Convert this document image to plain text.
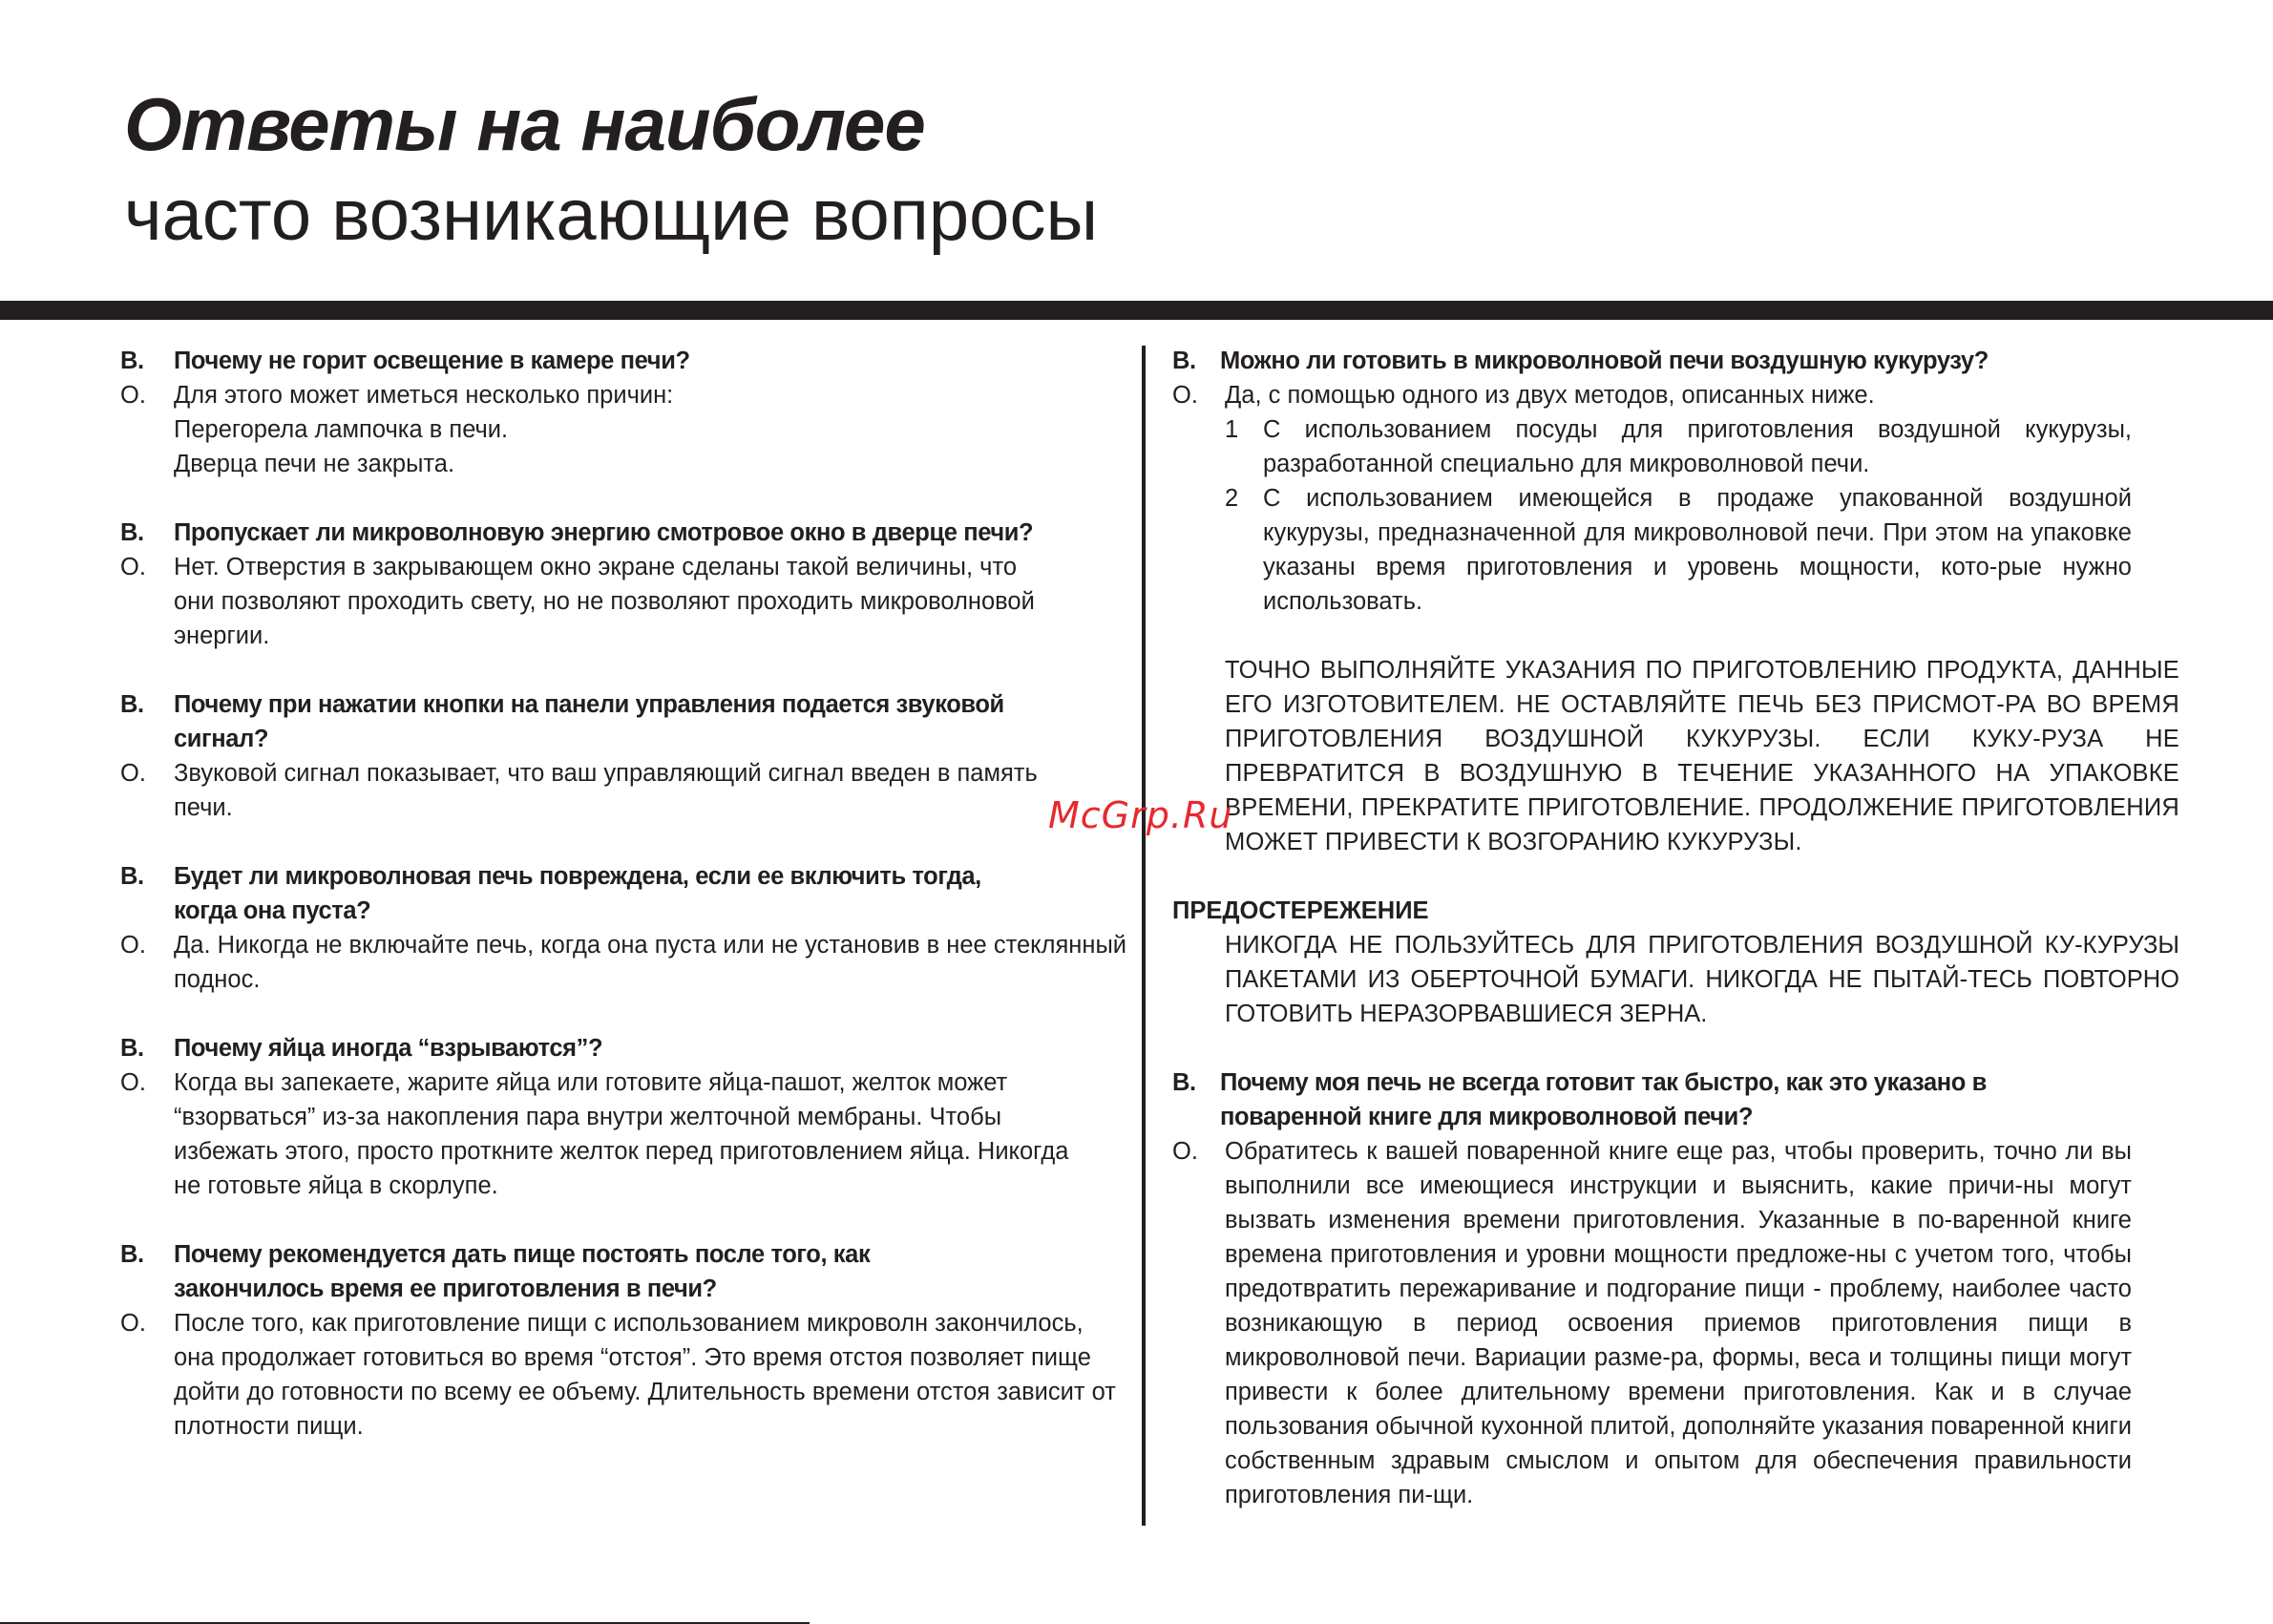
Ответы на наиболее
часто возникающие вопросы
В. Почему не горит освещение в камере печи?
О. Для этого может иметься несколько причин:
Перегорела лампочка в печи.
Дверца печи не закрыта.
В. Пропускает ли микроволновую энергию смотровое окно в дверце печи?
О. Нет. Отверстия в закрывающем окно экране сделаны такой величины, что они позволяют проходить свету, но не позволяют проходить микроволновой энергии.
В. Почему при нажатии кнопки на панели управления подается звуковой сигнал?
О. Звуковой сигнал показывает, что ваш управляющий сигнал введен в память печи.
В. Будет ли микроволновая печь повреждена, если ее включить тогда, когда она пуста?
О. Да. Никогда не включайте печь, когда она пуста или не установив в нее стеклянный поднос.
В. Почему яйца иногда “взрываются”?
О. Когда вы запекаете, жарите яйца или готовите яйца-пашот, желток может “взорваться” из-за накопления пара внутри желточной мембраны. Чтобы избежать этого, просто проткните желток перед приготовлением яйца. Никогда не готовьте яйца в скорлупе.
В. Почему рекомендуется дать пище постоять после того, как закончилось время ее приготовления в печи?
О. После того, как приготовление пищи с использованием микроволн закончилось, она продолжает готовиться во время “отстоя”. Это время отстоя позволяет пище дойти до готовности по всему ее объему. Длительность времени отстоя зависит от плотности пищи.
В. Можно ли готовить в микроволновой печи воздушную кукурузу?
О. Да, с помощью одного из двух методов, описанных ниже.
1 С использованием посуды для приготовления воздушной кукурузы, разработанной специально для микроволновой печи.
2 С использованием имеющейся в продаже упакованной воздушной кукурузы, предназначенной для микроволновой печи. При этом на упаковке указаны время приготовления и уровень мощности, кото-рые нужно использовать.
ТОЧНО ВЫПОЛНЯЙТЕ УКАЗАНИЯ ПО ПРИГОТОВЛЕНИЮ ПРОДУКТА, ДАННЫЕ ЕГО ИЗГОТОВИТЕЛЕМ. НЕ ОСТАВЛЯЙТЕ ПЕЧЬ БЕЗ ПРИСМОТ-РА ВО ВРЕМЯ ПРИГОТОВЛЕНИЯ ВОЗДУШНОЙ КУКУРУЗЫ. ЕСЛИ КУКУ-РУЗА НЕ ПРЕВРАТИТСЯ В ВОЗДУШНУЮ В ТЕЧЕНИЕ УКАЗАННОГО НА УПАКОВКЕ ВРЕМЕНИ, ПРЕКРАТИТЕ ПРИГОТОВЛЕНИЕ. ПРОДОЛЖЕНИЕ ПРИГОТОВЛЕНИЯ МОЖЕТ ПРИВЕСТИ К ВОЗГОРАНИЮ КУКУРУЗЫ.
ПРЕДОСТЕРЕЖЕНИЕ
НИКОГДА НЕ ПОЛЬЗУЙТЕСЬ ДЛЯ ПРИГОТОВЛЕНИЯ ВОЗДУШНОЙ КУ-КУРУЗЫ ПАКЕТАМИ ИЗ ОБЕРТОЧНОЙ БУМАГИ. НИКОГДА НЕ ПЫТАЙ-ТЕСЬ ПОВТОРНО ГОТОВИТЬ НЕРАЗОРВАВШИЕСЯ ЗЕРНА.
В. Почему моя печь не всегда готовит так быстро, как это указано в поваренной книге для микроволновой печи?
О. Обратитесь к вашей поваренной книге еще раз, чтобы проверить, точно ли вы выполнили все имеющиеся инструкции и выяснить, какие причи-ны могут вызвать изменения времени приготовления. Указанные в по-варенной книге времена приготовления и уровни мощности предложе-ны с учетом того, чтобы предотвратить пережаривание и подгорание пищи - проблему, наиболее часто возникающую в период освоения приемов приготовления пищи в микроволновой печи. Вариации разме-ра, формы, веса и толщины пищи могут привести к более длительному времени приготовления. Как и в случае пользования обычной кухонной плитой, дополняйте указания поваренной книги собственным здравым смыслом и опытом для обеспечения правильности приготовления пи-щи.
McGrp.Ru
